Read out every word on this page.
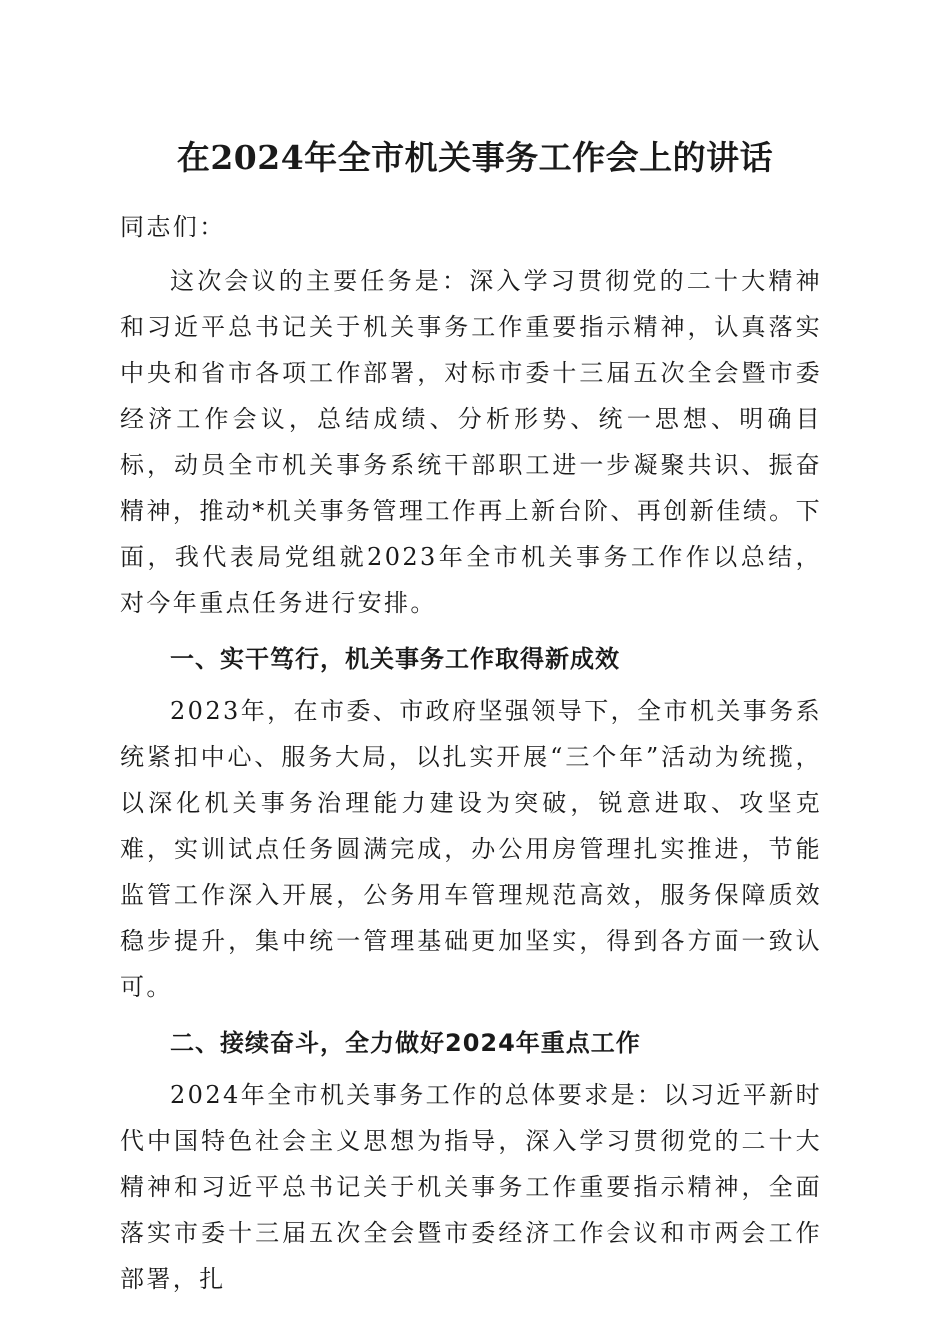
在2024年全市机关事务工作会上的讲话

同志们：

这次会议的主要任务是：深入学习贯彻党的二十大精神和习近平总书记关于机关事务工作重要指示精神，认真落实中央和省市各项工作部署，对标市委十三届五次全会暨市委经济工作会议，总结成绩、分析形势、统一思想、明确目标，动员全市机关事务系统干部职工进一步凝聚共识、振奋精神，推动*机关事务管理工作再上新台阶、再创新佳绩。下面，我代表局党组就2023年全市机关事务工作作以总结，对今年重点任务进行安排。

一、实干笃行，机关事务工作取得新成效

2023年，在市委、市政府坚强领导下，全市机关事务系统紧扣中心、服务大局，以扎实开展“三个年”活动为统揽，以深化机关事务治理能力建设为突破，锐意进取、攻坚克难，实训试点任务圆满完成，办公用房管理扎实推进，节能监管工作深入开展，公务用车管理规范高效，服务保障质效稳步提升，集中统一管理基础更加坚实，得到各方面一致认可。

二、接续奋斗，全力做好2024年重点工作

2024年全市机关事务工作的总体要求是：以习近平新时代中国特色社会主义思想为指导，深入学习贯彻党的二十大精神和习近平总书记关于机关事务工作重要指示精神，全面落实市委十三届五次全会暨市委经济工作会议和市两会工作部署，扎
